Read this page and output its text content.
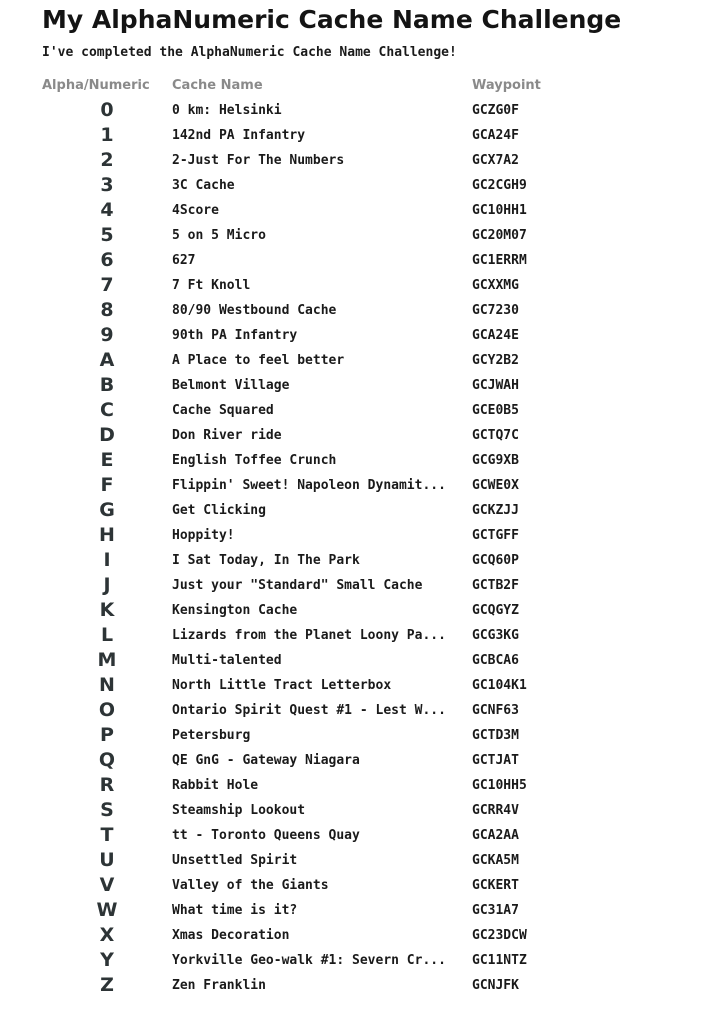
My AlphaNumeric Cache Name Challenge

I've completed the AlphaNumeric Cache Name Challenge!

Alpha/Numeric	Cache Name	Waypoint
0	0 km: Helsinki	GCZG0F
1	142nd PA Infantry	GCA24F
2	2-Just For The Numbers	GCX7A2
3	3C Cache	GC2CGH9
4	4Score	GC10HH1
5	5 on 5 Micro	GC20M07
6	627	GC1ERRM
7	7 Ft Knoll	GCXXMG
8	80/90 Westbound Cache	GC7230
9	90th PA Infantry	GCA24E
A	A Place to feel better	GCY2B2
B	Belmont Village	GCJWAH
C	Cache Squared	GCE0B5
D	Don River ride	GCTQ7C
E	English Toffee Crunch	GCG9XB
F	Flippin' Sweet! Napoleon Dynamit...	GCWE0X
G	Get Clicking	GCKZJJ
H	Hoppity!	GCTGFF
I	I Sat Today, In The Park	GCQ60P
J	Just your "Standard" Small Cache	GCTB2F
K	Kensington Cache	GCQGYZ
L	Lizards from the Planet Loony Pa...	GCG3KG
M	Multi-talented	GCBCA6
N	North Little Tract Letterbox	GC104K1
O	Ontario Spirit Quest #1 - Lest W...	GCNF63
P	Petersburg	GCTD3M
Q	QE GnG - Gateway Niagara	GCTJAT
R	Rabbit Hole	GC10HH5
S	Steamship Lookout	GCRR4V
T	tt - Toronto Queens Quay	GCA2AA
U	Unsettled Spirit	GCKA5M
V	Valley of the Giants	GCKERT
W	What time is it?	GC31A7
X	Xmas Decoration	GC23DCW
Y	Yorkville Geo-walk #1: Severn Cr...	GC11NTZ
Z	Zen Franklin	GCNJFK
